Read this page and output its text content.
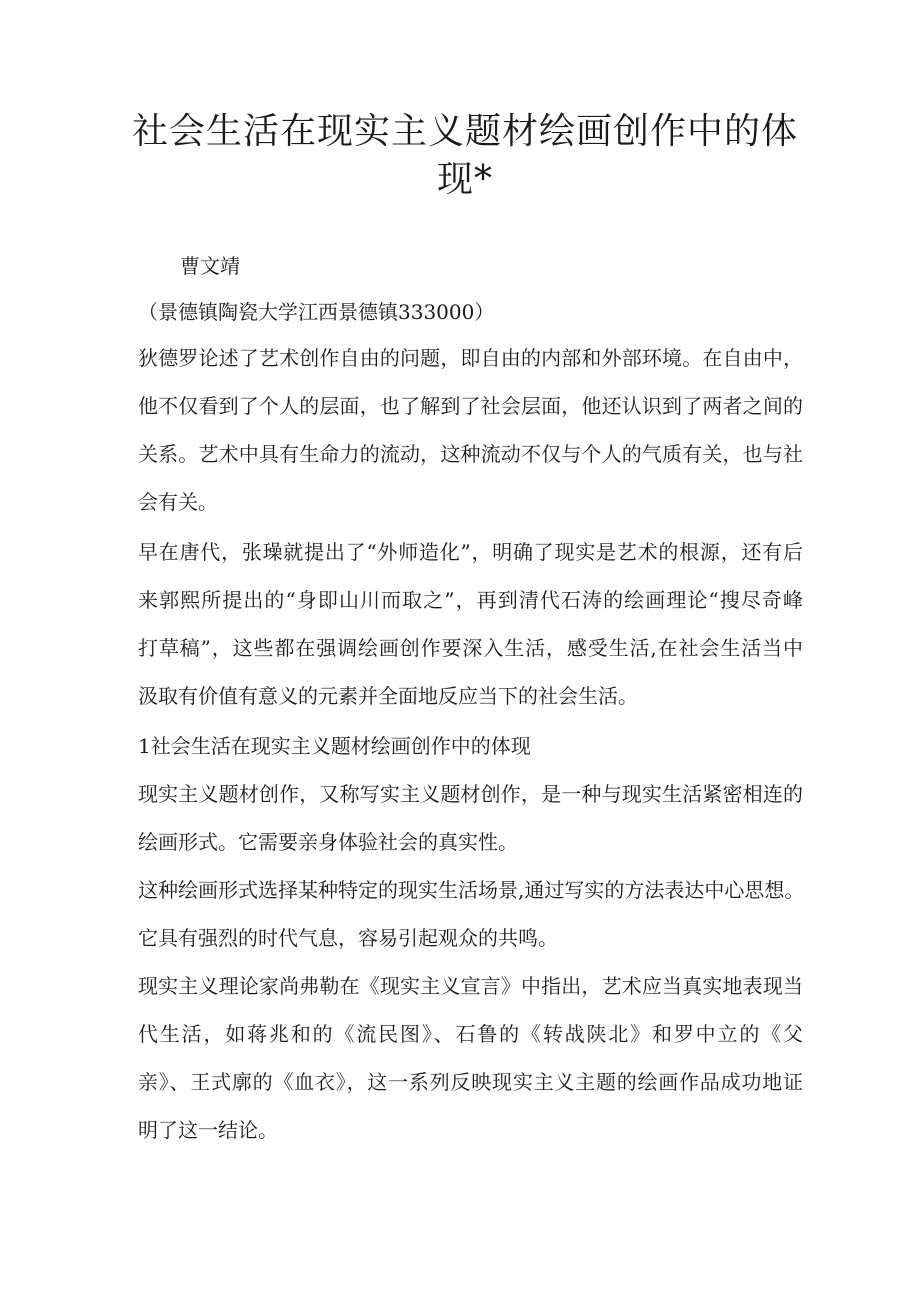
社会生活在现实主义题材绘画创作中的体
现*

曹文靖

（景德镇陶瓷大学江西景德镇333000）

狄德罗论述了艺术创作自由的问题，即自由的内部和外部环境。在自由中，

他不仅看到了个人的层面，也了解到了社会层面，他还认识到了两者之间的

关系。艺术中具有生命力的流动，这种流动不仅与个人的气质有关，也与社

会有关。

早在唐代，张璪就提出了“外师造化”，明确了现实是艺术的根源，还有后

来郭熙所提出的“身即山川而取之”，再到清代石涛的绘画理论“搜尽奇峰

打草稿”，这些都在强调绘画创作要深入生活，感受生活,在社会生活当中

汲取有价值有意义的元素并全面地反应当下的社会生活。

1社会生活在现实主义题材绘画创作中的体现

现实主义题材创作，又称写实主义题材创作，是一种与现实生活紧密相连的

绘画形式。它需要亲身体验社会的真实性。

这种绘画形式选择某种特定的现实生活场景,通过写实的方法表达中心思想。

它具有强烈的时代气息，容易引起观众的共鸣。

现实主义理论家尚弗勒在《现实主义宣言》中指出，艺术应当真实地表现当

代生活，如蒋兆和的《流民图》、石鲁的《转战陕北》和罗中立的《父

亲》、王式廓的《血衣》，这一系列反映现实主义主题的绘画作品成功地证

明了这一结论。
